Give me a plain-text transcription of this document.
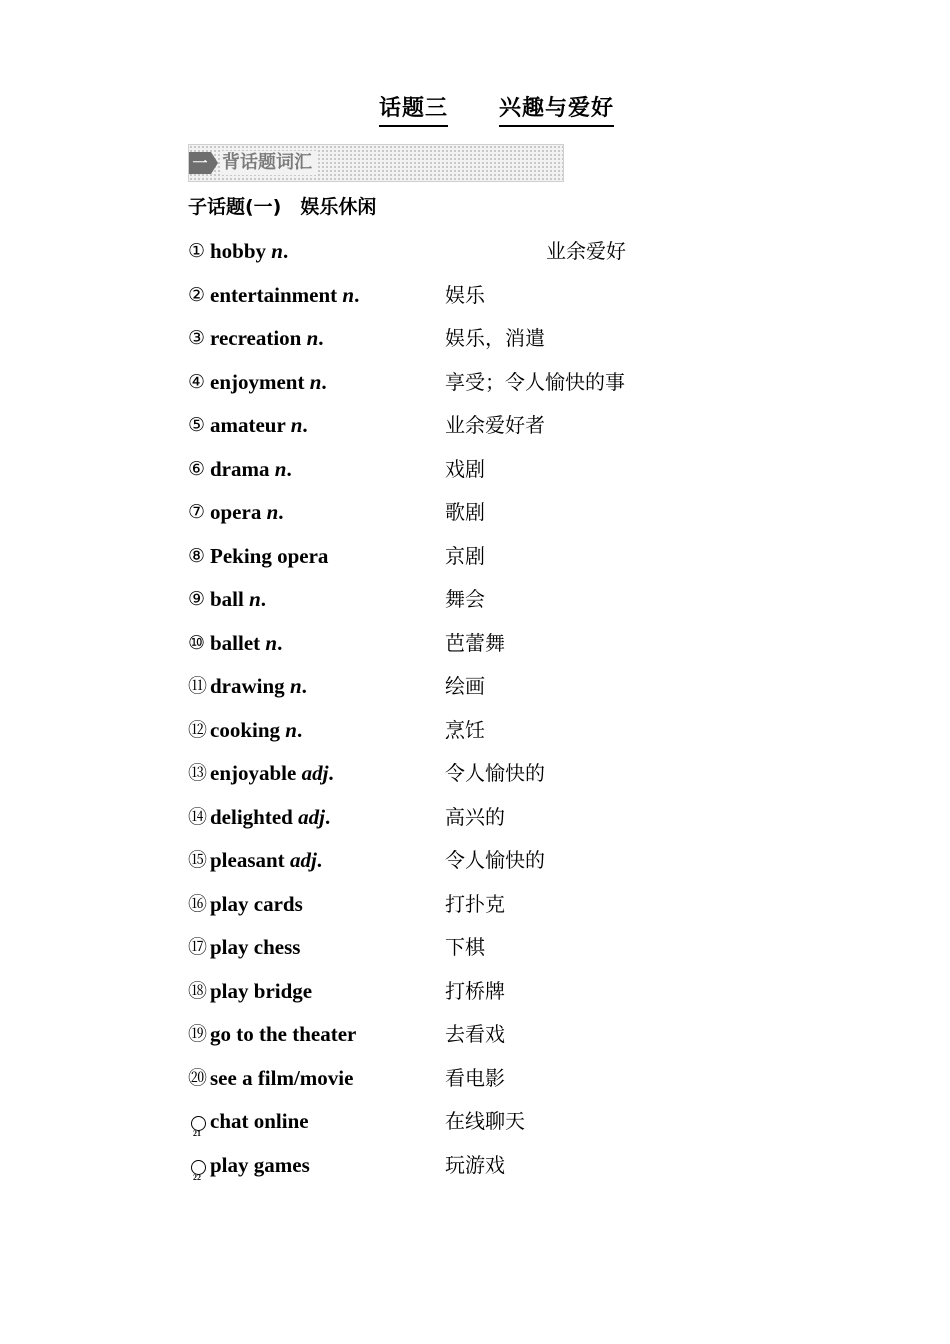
话题三 兴趣与爱好
一 背话题词汇
子话题(一)　娱乐休闲
① hobby n.	业余爱好
② entertainment n.	娱乐
③ recreation n.	娱乐，消遣
④ enjoyment n.	享受；令人愉快的事
⑤ amateur n.	业余爱好者
⑥ drama n.	戏剧
⑦ opera n.	歌剧
⑧ Peking opera	京剧
⑨ ball n.	舞会
⑩ ballet n.	芭蕾舞
⑪ drawing n.	绘画
⑫ cooking n.	烹饪
⑬ enjoyable adj.	令人愉快的
⑭ delighted adj.	高兴的
⑮ pleasant adj.	令人愉快的
⑯ play cards	打扑克
⑰ play chess	下棋
⑱ play bridge	打桥牌
⑲ go to the theater	去看戏
⑳ see a film/movie	看电影
21
chat online	在线聊天
22
play games	玩游戏
